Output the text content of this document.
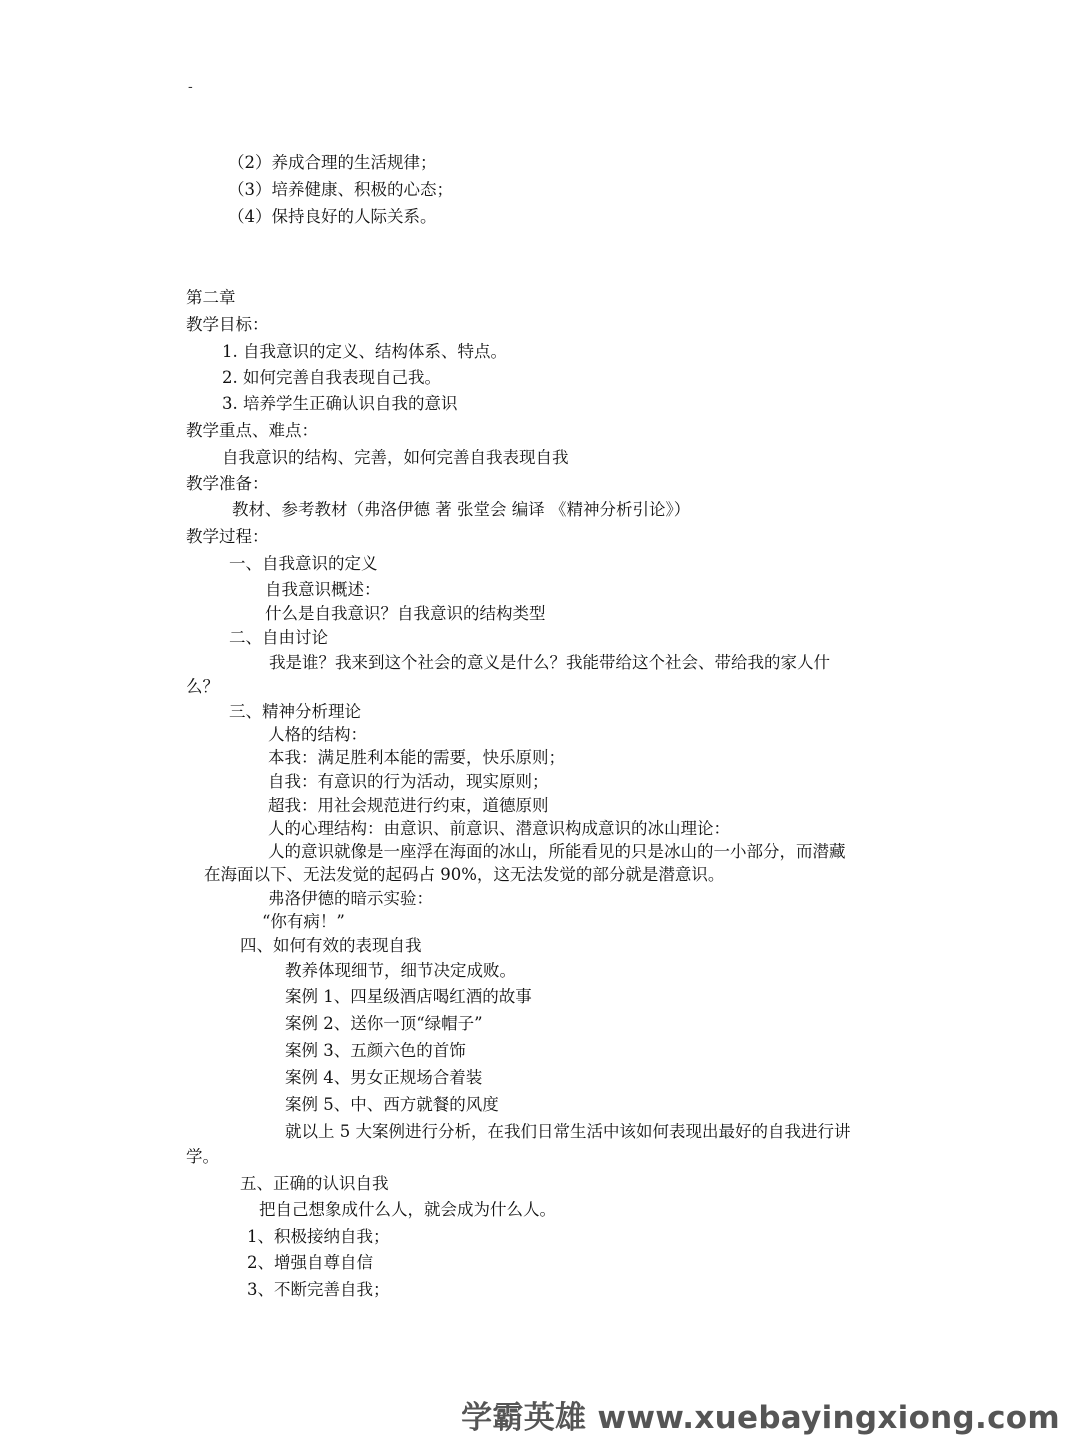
-
（2）养成合理的生活规律；
（3）培养健康、积极的心态；
（4）保持良好的人际关系。
第二章
教学目标：
1. 自我意识的定义、结构体系、特点。
2. 如何完善自我表现自己我。
3. 培养学生正确认识自我的意识
教学重点、难点：
自我意识的结构、完善，如何完善自我表现自我
教学准备：
教材、参考教材（弗洛伊德 著 张堂会 编译 《精神分析引论》）
教学过程：
一、自我意识的定义
自我意识概述：
什么是自我意识？自我意识的结构类型
二、自由讨论
我是谁？我来到这个社会的意义是什么？我能带给这个社会、带给我的家人什
么？
三、精神分析理论
人格的结构：
本我：满足胜利本能的需要，快乐原则；
自我：有意识的行为活动，现实原则；
超我：用社会规范进行约束，道德原则
人的心理结构：由意识、前意识、潜意识构成意识的冰山理论：
人的意识就像是一座浮在海面的冰山，所能看见的只是冰山的一小部分，而潜藏
在海面以下、无法发觉的起码占 90%，这无法发觉的部分就是潜意识。
弗洛伊德的暗示实验：
“你有病！”
四、如何有效的表现自我
教养体现细节，细节决定成败。
案例 1、四星级酒店喝红酒的故事
案例 2、送你一顶“绿帽子”
案例 3、五颜六色的首饰
案例 4、男女正规场合着装
案例 5、中、西方就餐的风度
就以上 5 大案例进行分析，在我们日常生活中该如何表现出最好的自我进行讲
学。
五、正确的认识自我
把自己想象成什么人，就会成为什么人。
1、积极接纳自我；
2、增强自尊自信
3、不断完善自我；
学霸英雄 www.xuebayingxiong.com
